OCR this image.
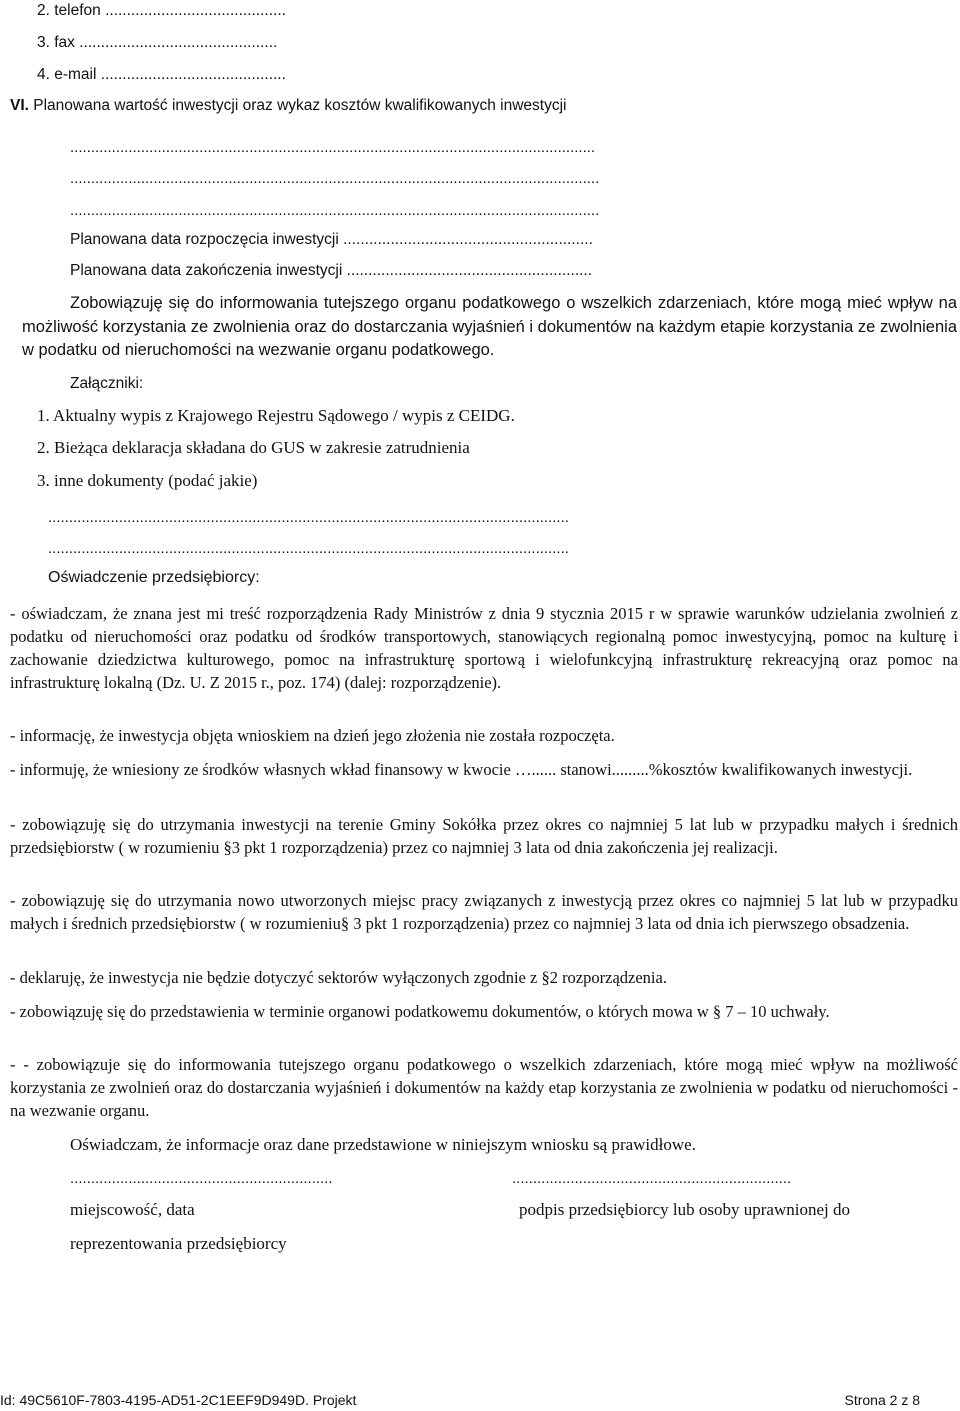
2. telefon ..........................................
3. fax ..............................................
4. e-mail ...........................................
VI. Planowana wartość inwestycji oraz wykaz kosztów kwalifikowanych inwestycji
..............................................................................................................................
...............................................................................................................................
...............................................................................................................................
Planowana data rozpoczęcia inwestycji ..........................................................
Planowana data zakończenia inwestycji .........................................................
Zobowiązuję się do informowania tutejszego organu podatkowego o wszelkich zdarzeniach, które mogą mieć wpływ na możliwość korzystania ze zwolnienia oraz do dostarczania wyjaśnień i dokumentów na każdym etapie korzystania ze zwolnienia w podatku od nieruchomości na wezwanie organu podatkowego.
Załączniki:
1. Aktualny wypis z Krajowego Rejestru Sądowego / wypis z CEIDG.
2. Bieżąca deklaracja składana do GUS w zakresie zatrudnienia
3. inne dokumenty (podać jakie)
.............................................................................................................................
.............................................................................................................................
Oświadczenie przedsiębiorcy:
- oświadczam, że znana jest mi treść rozporządzenia Rady Ministrów z dnia 9 stycznia 2015 r w sprawie warunków udzielania zwolnień z podatku od nieruchomości oraz podatku od środków transportowych, stanowiących regionalną pomoc inwestycyjną, pomoc na kulturę i zachowanie dziedzictwa kulturowego, pomoc na infrastrukturę sportową i wielofunkcyjną infrastrukturę rekreacyjną oraz pomoc na infrastrukturę lokalną (Dz. U. Z 2015 r., poz. 174) (dalej: rozporządzenie).
- informację, że inwestycja objęta wnioskiem na dzień jego złożenia nie została rozpoczęta.
- informuję, że wniesiony ze środków własnych wkład finansowy w kwocie …...... stanowi.........%kosztów kwalifikowanych inwestycji.
- zobowiązuję się do utrzymania inwestycji na terenie Gminy Sokółka przez okres co najmniej 5 lat lub w przypadku małych i średnich przedsiębiorstw ( w rozumieniu §3 pkt 1 rozporządzenia) przez co najmniej 3 lata od dnia zakończenia jej realizacji.
- zobowiązuję się do utrzymania nowo utworzonych miejsc pracy związanych z inwestycją przez okres co najmniej 5 lat lub w przypadku małych i średnich przedsiębiorstw ( w rozumieniu§ 3 pkt 1 rozporządzenia) przez co najmniej 3 lata od dnia ich pierwszego obsadzenia.
- deklaruję, że inwestycja nie będzie dotyczyć sektorów wyłączonych zgodnie z §2 rozporządzenia.
- zobowiązuję się do przedstawienia w terminie organowi podatkowemu dokumentów, o których mowa w § 7 – 10 uchwały.
- - zobowiązuje się do informowania tutejszego organu podatkowego o wszelkich zdarzeniach, które mogą mieć wpływ na możliwość korzystania ze zwolnień oraz do dostarczania wyjaśnień i dokumentów na każdy etap korzystania ze zwolnienia w podatku od nieruchomości - na wezwanie organu.
Oświadczam, że informacje oraz dane przedstawione w niniejszym wniosku są prawidłowe.
...............................................................	...................................................................
miejscowość, data	podpis przedsiębiorcy lub osoby uprawnionej do
reprezentowania przedsiębiorcy
Id: 49C5610F-7803-4195-AD51-2C1EEF9D949D. Projekt	Strona 2 z 8
